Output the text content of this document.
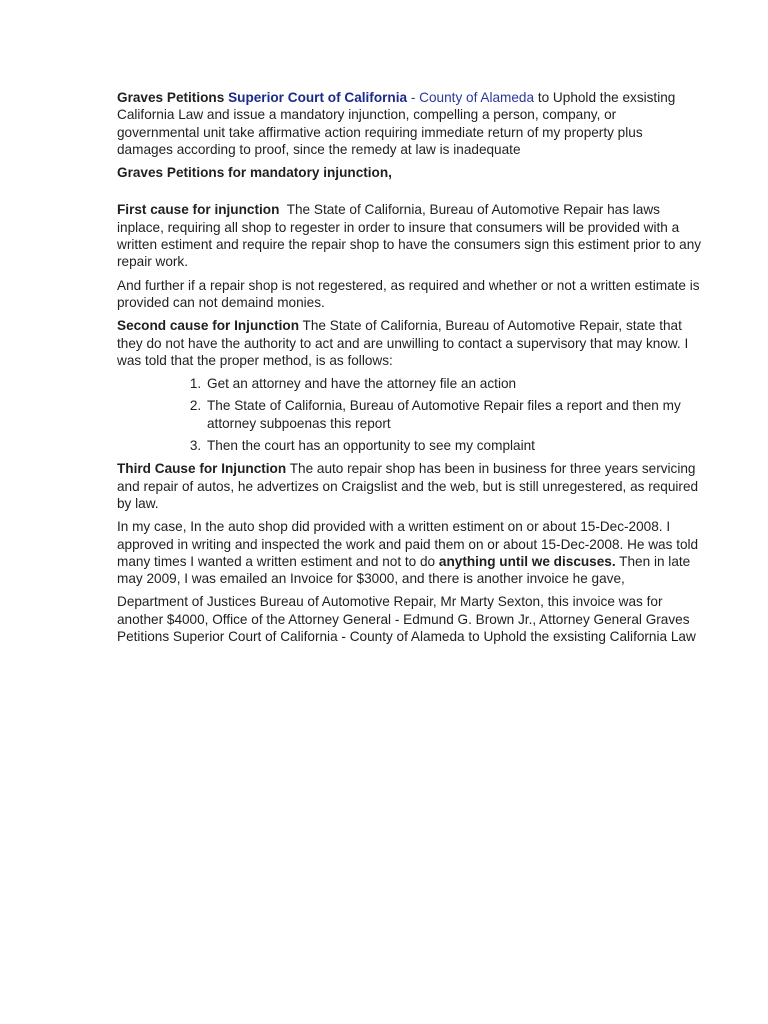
Graves Petitions Superior Court of California - County of Alameda to Uphold the exsisting California Law and issue a mandatory injunction, compelling a person, company, or governmental unit take affirmative action requiring immediate return of my property plus damages according to proof, since the remedy at law is inadequate

Graves Petitions for mandatory injunction,

First cause for injunction  The State of California, Bureau of Automotive Repair has laws inplace, requiring all shop to regester in order to insure that consumers will be provided with a written estiment and require the repair shop to have the consumers sign this estiment prior to any repair work.

And further if a repair shop is not regestered, as required and whether or not a written estimate is provided can not demaind monies.

Second cause for Injunction The State of California, Bureau of Automotive Repair, state that they do not have the authority to act and are unwilling to contact a supervisory that may know. I was told that the proper method, is as follows:

1. Get an attorney and have the attorney file an action
2. The State of California, Bureau of Automotive Repair files a report and then my attorney subpoenas this report
3. Then the court has an opportunity to see my complaint

Third Cause for Injunction The auto repair shop has been in business for three years servicing and repair of autos, he advertizes on Craigslist and the web, but is still unregestered, as required by law.

In my case, In the auto shop did provided with a written estiment on or about 15-Dec-2008. I approved in writing and inspected the work and paid them on or about 15-Dec-2008. He was told many times I wanted a written estiment and not to do anything until we discuses. Then in late may 2009, I was emailed an Invoice for $3000, and there is another invoice he gave,

Department of Justices Bureau of Automotive Repair, Mr Marty Sexton, this invoice was for another $4000, Office of the Attorney General - Edmund G. Brown Jr., Attorney General Graves Petitions Superior Court of California - County of Alameda to Uphold the exsisting California Law
